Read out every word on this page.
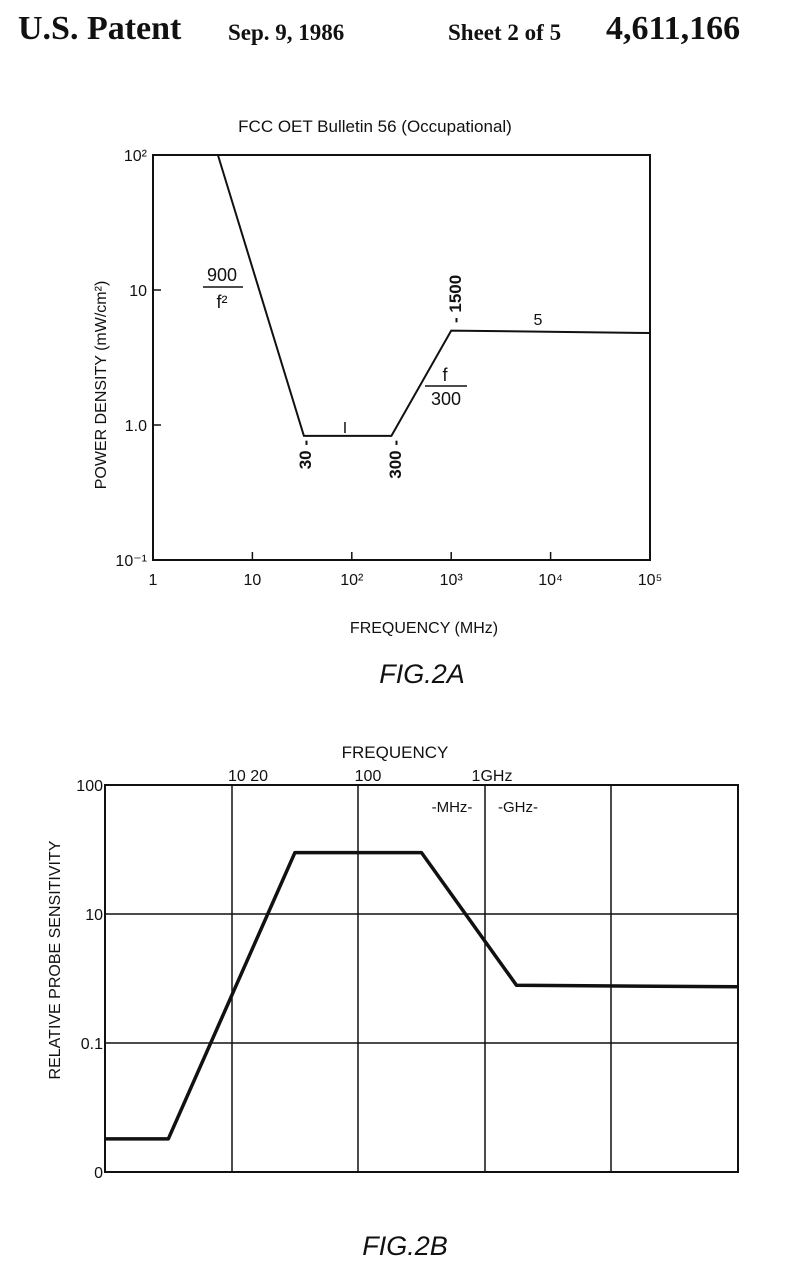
U.S. Patent Sep. 9, 1986	Sheet 2 of 5 4,611,166
FCC OET Bulletin 56 (Occupational)
1	10	10²	10³	10⁴	10⁵
10⁻¹
1.0
10
10²
900
f²
I
f
300
5
30 -	300 -
- 1500
POWER DENSITY (mW/cm²)
FREQUENCY (MHz)
FIG.2A
FREQUENCY
10 20	100	1GHz
0
0.1
10
100
-MHz- -GHz-
RELATIVE PROBE SENSITIVITY
FIG.2B
